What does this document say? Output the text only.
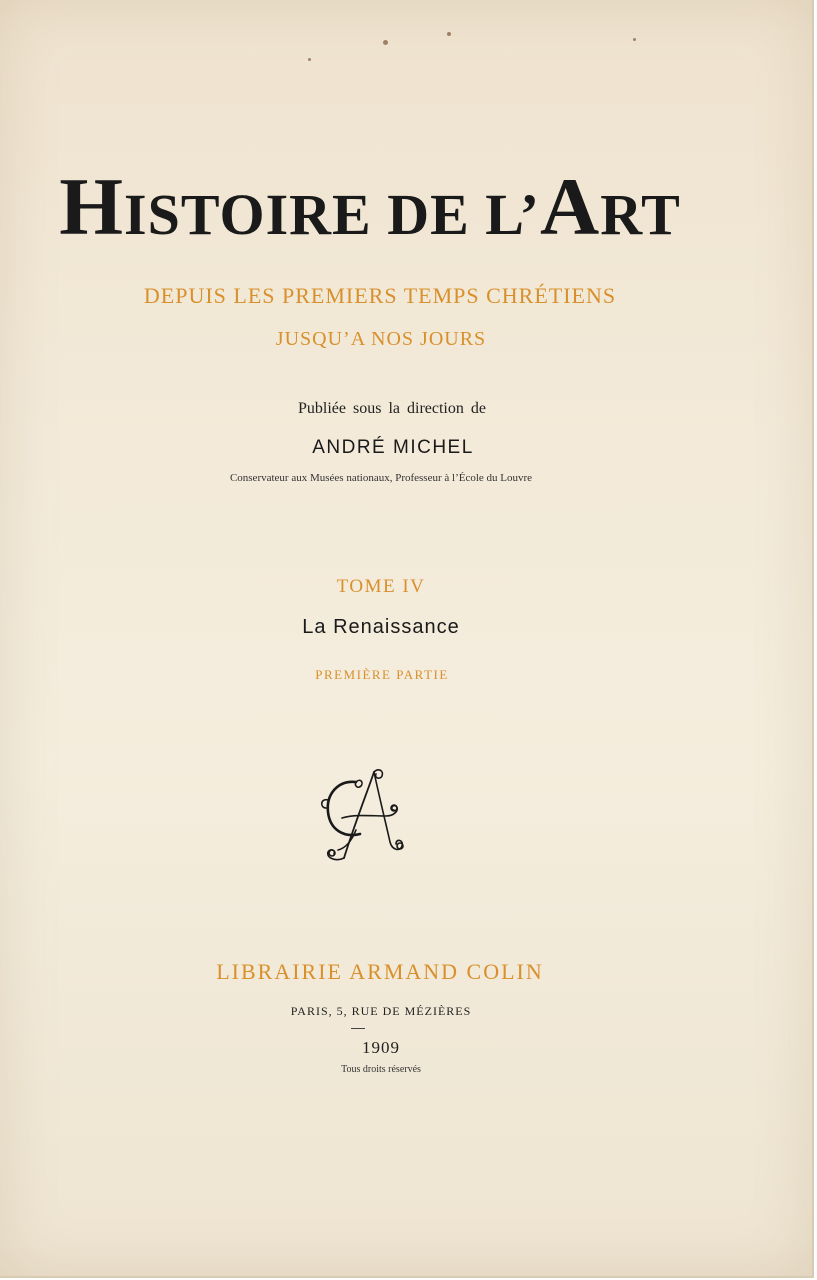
HISTOIRE DE L’ART
DEPUIS LES PREMIERS TEMPS CHRÉTIENS
JUSQU’A NOS JOURS
Publiée sous la direction de
ANDRÉ MICHEL
Conservateur aux Musées nationaux, Professeur à l’École du Louvre
TOME IV
La Renaissance
PREMIÈRE PARTIE
LIBRAIRIE ARMAND COLIN
PARIS, 5, RUE DE MÉZIÈRES
1909
Tous droits réservés
